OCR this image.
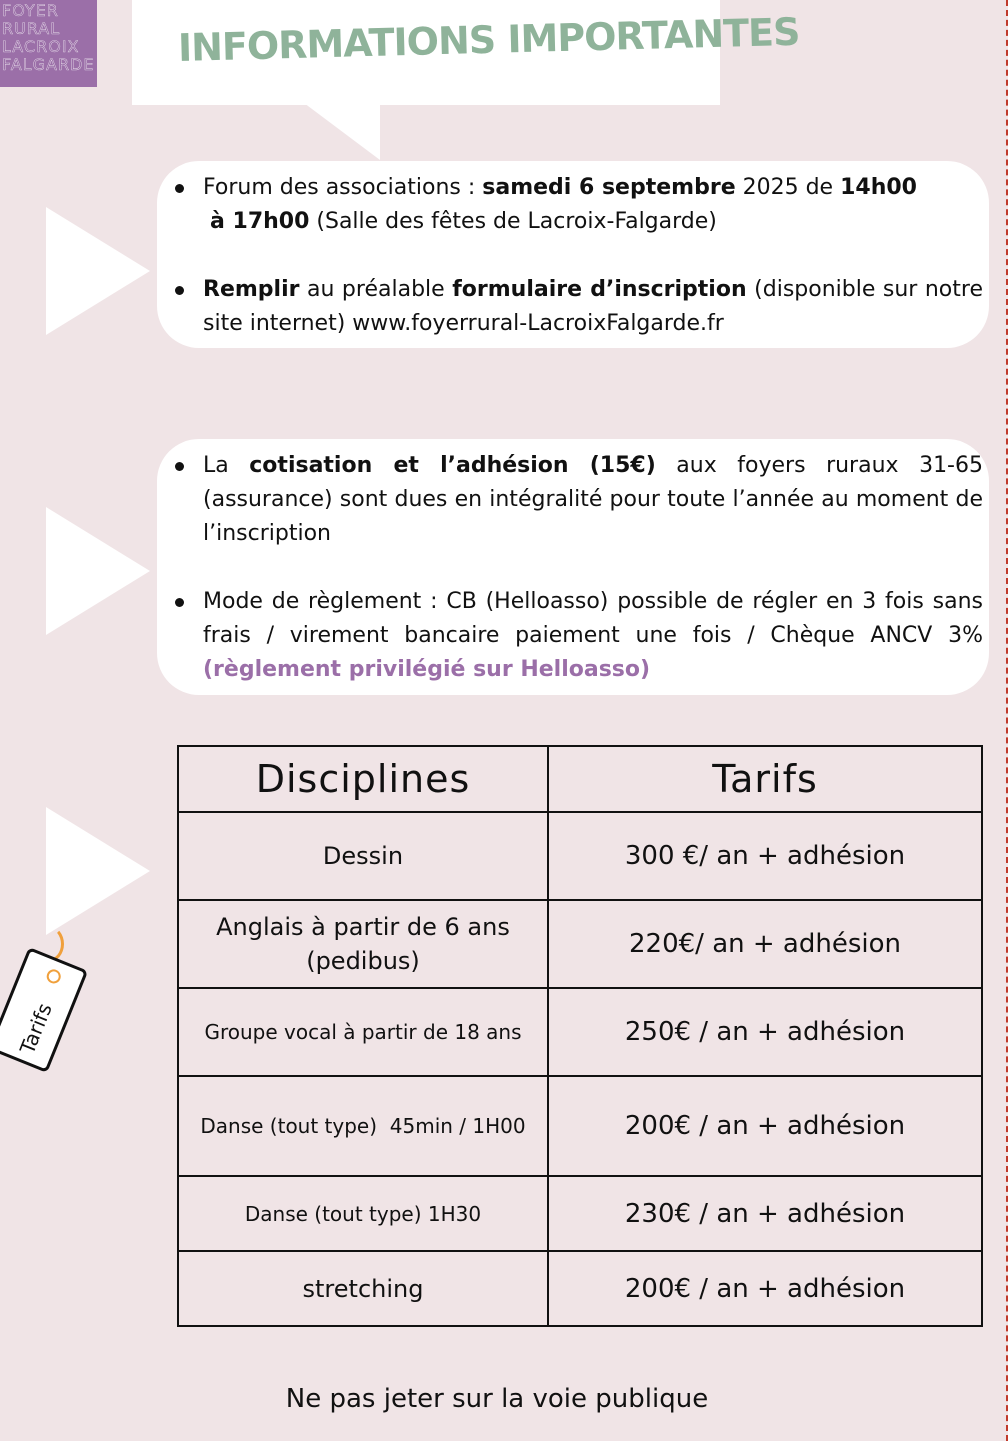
FOYER
RURAL
LACROIX
FALGARDE INFORMATIONS IMPORTANTES
Forum des associations : samedi 6 septembre 2025 de 14h00
à 17h00 (Salle des fêtes de Lacroix-Falgarde)
Remplir au préalable formulaire d’inscription (disponible sur notre site internet) www.foyerrural-LacroixFalgarde.fr
La cotisation et l’adhésion (15€) aux foyers ruraux 31-65 (assurance) sont dues en intégralité pour toute l’année au moment de l’inscription
Mode de règlement : CB (Helloasso) possible de régler en 3 fois sans frais / virement bancaire paiement une fois / Chèque ANCV 3% (règlement privilégié sur Helloasso)
Tarifs
Disciplines	Tarifs
Dessin	300 €/ an + adhésion
Anglais à partir de 6 ans (pedibus)	220€/ an + adhésion
Groupe vocal à partir de 18 ans	250€ / an + adhésion
Danse (tout type)  45min / 1H00	200€ / an + adhésion
Danse (tout type) 1H30	230€ / an + adhésion
stretching	200€ / an + adhésion
Ne pas jeter sur la voie publique
